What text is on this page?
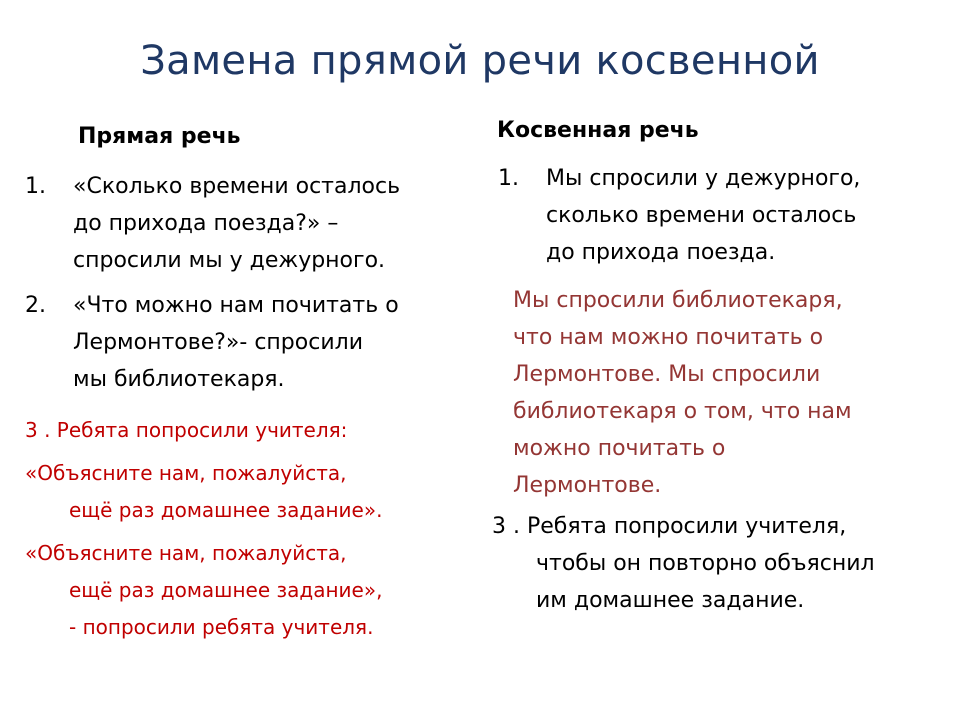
Замена прямой речи косвенной
Прямая речь
1. «Сколько времени осталось
до прихода поезда?» –
спросили мы у дежурного.
2. «Что можно нам почитать о
Лермонтове?»- спросили
мы библиотекаря.
3 . Ребята попросили учителя:
«Объясните нам, пожалуйста,
ещё раз домашнее задание».
«Объясните нам, пожалуйста,
ещё раз домашнее задание»,
- попросили ребята учителя.
Косвенная речь
1. Мы спросили у дежурного,
сколько времени осталось
до прихода поезда.
Мы спросили библиотекаря,
что нам можно почитать о
Лермонтове. Мы спросили
библиотекаря о том, что нам
можно почитать о
Лермонтове.
3 . Ребята попросили учителя,
чтобы он повторно объяснил
им домашнее задание.
